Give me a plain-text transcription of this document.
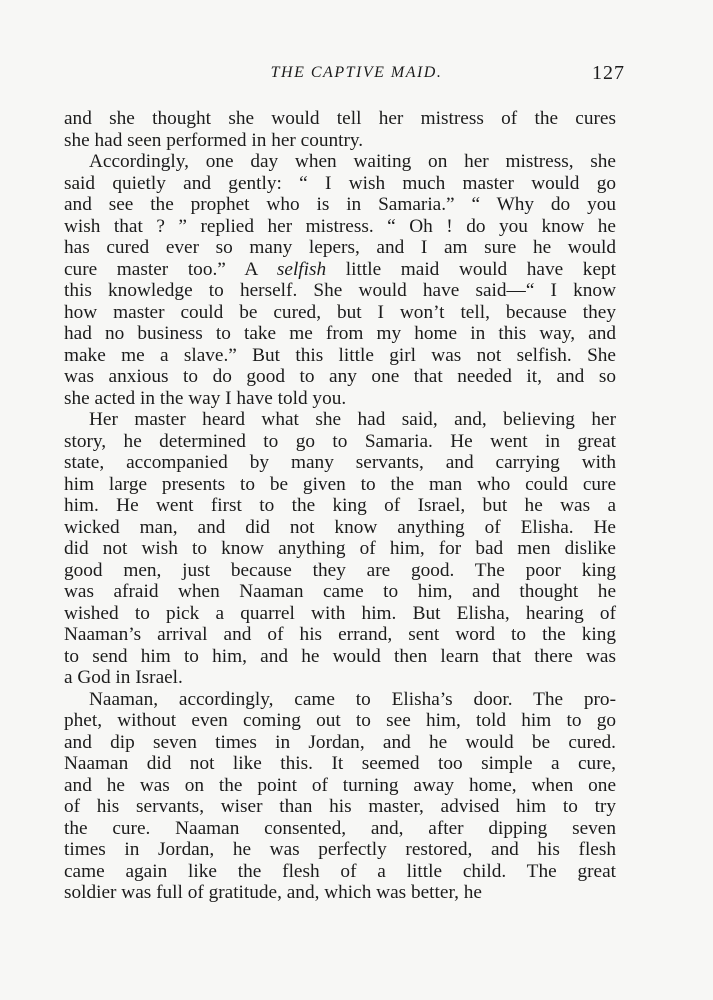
THE CAPTIVE MAID.	127
and she thought she would tell her mistress of the cures
she had seen performed in her country.
Accordingly, one day when waiting on her mistress, she
said quietly and gently: “ I wish much master would go
and see the prophet who is in Samaria.” “ Why do you
wish that ? ” replied her mistress. “ Oh ! do you know he
has cured ever so many lepers, and I am sure he would
cure master too.” A selfish little maid would have kept
this knowledge to herself. She would have said—“ I know
how master could be cured, but I won’t tell, because they
had no business to take me from my home in this way, and
make me a slave.” But this little girl was not selfish. She
was anxious to do good to any one that needed it, and so
she acted in the way I have told you.
Her master heard what she had said, and, believing her
story, he determined to go to Samaria. He went in great
state, accompanied by many servants, and carrying with
him large presents to be given to the man who could cure
him. He went first to the king of Israel, but he was a
wicked man, and did not know anything of Elisha. He
did not wish to know anything of him, for bad men dislike
good men, just because they are good. The poor king
was afraid when Naaman came to him, and thought he
wished to pick a quarrel with him. But Elisha, hearing of
Naaman’s arrival and of his errand, sent word to the king
to send him to him, and he would then learn that there was
a God in Israel.
Naaman, accordingly, came to Elisha’s door. The pro-
phet, without even coming out to see him, told him to go
and dip seven times in Jordan, and he would be cured.
Naaman did not like this. It seemed too simple a cure,
and he was on the point of turning away home, when one
of his servants, wiser than his master, advised him to try
the cure. Naaman consented, and, after dipping seven
times in Jordan, he was perfectly restored, and his flesh
came again like the flesh of a little child. The great
soldier was full of gratitude, and, which was better, he
